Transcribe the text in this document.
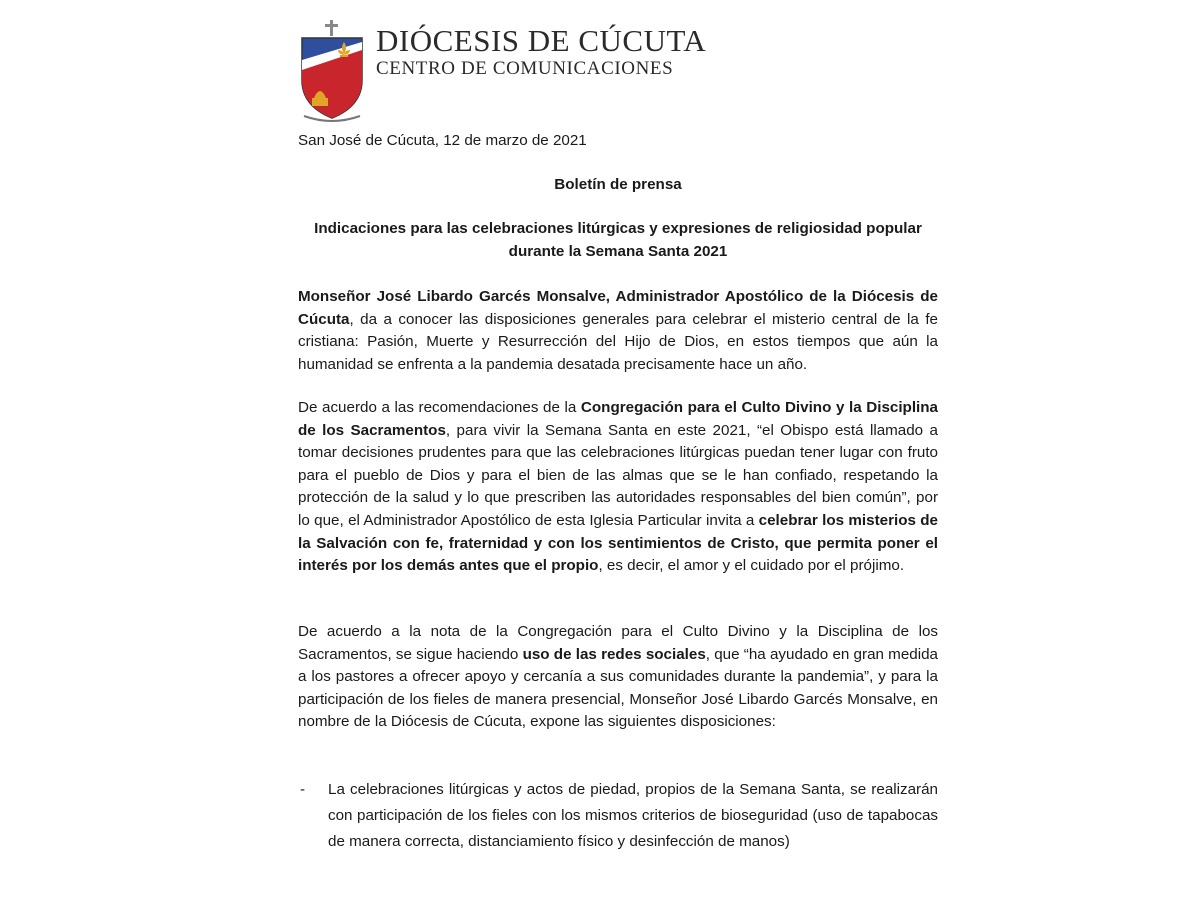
DIÓCESIS DE CÚCUTA
CENTRO DE COMUNICACIONES
San José de Cúcuta, 12 de marzo de 2021
Boletín de prensa
Indicaciones para las celebraciones litúrgicas y expresiones de religiosidad popular durante la Semana Santa 2021
Monseñor José Libardo Garcés Monsalve, Administrador Apostólico de la Diócesis de Cúcuta, da a conocer las disposiciones generales para celebrar el misterio central de la fe cristiana: Pasión, Muerte y Resurrección del Hijo de Dios, en estos tiempos que aún la humanidad se enfrenta a la pandemia desatada precisamente hace un año.
De acuerdo a las recomendaciones de la Congregación para el Culto Divino y la Disciplina de los Sacramentos, para vivir la Semana Santa en este 2021, “el Obispo está llamado a tomar decisiones prudentes para que las celebraciones litúrgicas puedan tener lugar con fruto para el pueblo de Dios y para el bien de las almas que se le han confiado, respetando la protección de la salud y lo que prescriben las autoridades responsables del bien común”, por lo que, el Administrador Apostólico de esta Iglesia Particular invita a celebrar los misterios de la Salvación con fe, fraternidad y con los sentimientos de Cristo, que permita poner el interés por los demás antes que el propio, es decir, el amor y el cuidado por el prójimo.
De acuerdo a la nota de la Congregación para el Culto Divino y la Disciplina de los Sacramentos, se sigue haciendo uso de las redes sociales, que “ha ayudado en gran medida a los pastores a ofrecer apoyo y cercanía a sus comunidades durante la pandemia”, y para la participación de los fieles de manera presencial, Monseñor José Libardo Garcés Monsalve, en nombre de la Diócesis de Cúcuta, expone las siguientes disposiciones:
- La celebraciones litúrgicas y actos de piedad, propios de la Semana Santa, se realizarán con participación de los fieles con los mismos criterios de bioseguridad (uso de tapabocas de manera correcta, distanciamiento físico y desinfección de manos)
